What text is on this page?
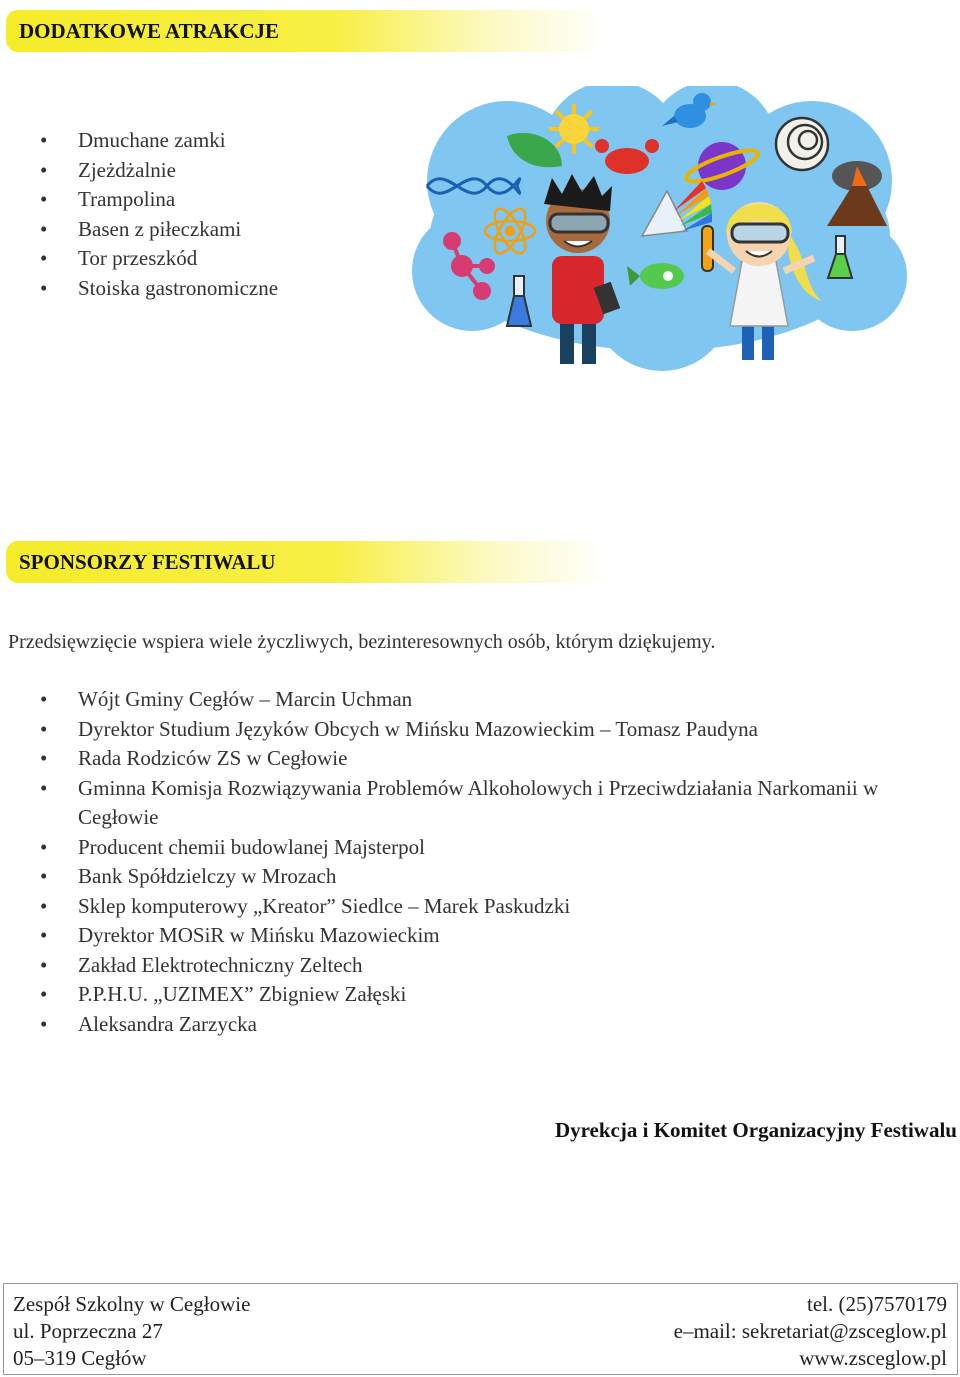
DODATKOWE ATRAKCJE
• Dmuchane zamki
• Zjeżdżalnie
• Trampolina
• Basen z piłeczkami
• Tor przeszkód
• Stoiska gastronomiczne
SPONSORZY FESTIWALU
Przedsięwzięcie wspiera wiele życzliwych, bezinteresownych osób, którym dziękujemy.
• Wójt Gminy Cegłów – Marcin Uchman
• Dyrektor Studium Języków Obcych w Mińsku Mazowieckim – Tomasz Paudyna
• Rada Rodziców ZS w Cegłowie
• Gminna Komisja Rozwiązywania Problemów Alkoholowych i Przeciwdziałania Narkomanii w Cegłowie
• Producent chemii budowlanej Majsterpol
• Bank Spółdzielczy w Mrozach
• Sklep komputerowy „Kreator” Siedlce – Marek Paskudzki
• Dyrektor MOSiR w Mińsku Mazowieckim
• Zakład Elektrotechniczny Zeltech
• P.P.H.U. „UZIMEX” Zbigniew Załęski
• Aleksandra Zarzycka
Dyrekcja i Komitet Organizacyjny Festiwalu
Zespół Szkolny w Cegłowie	tel. (25)7570179
ul. Poprzeczna 27	e–mail: sekretariat@zsceglow.pl
05–319 Cegłów	www.zsceglow.pl
